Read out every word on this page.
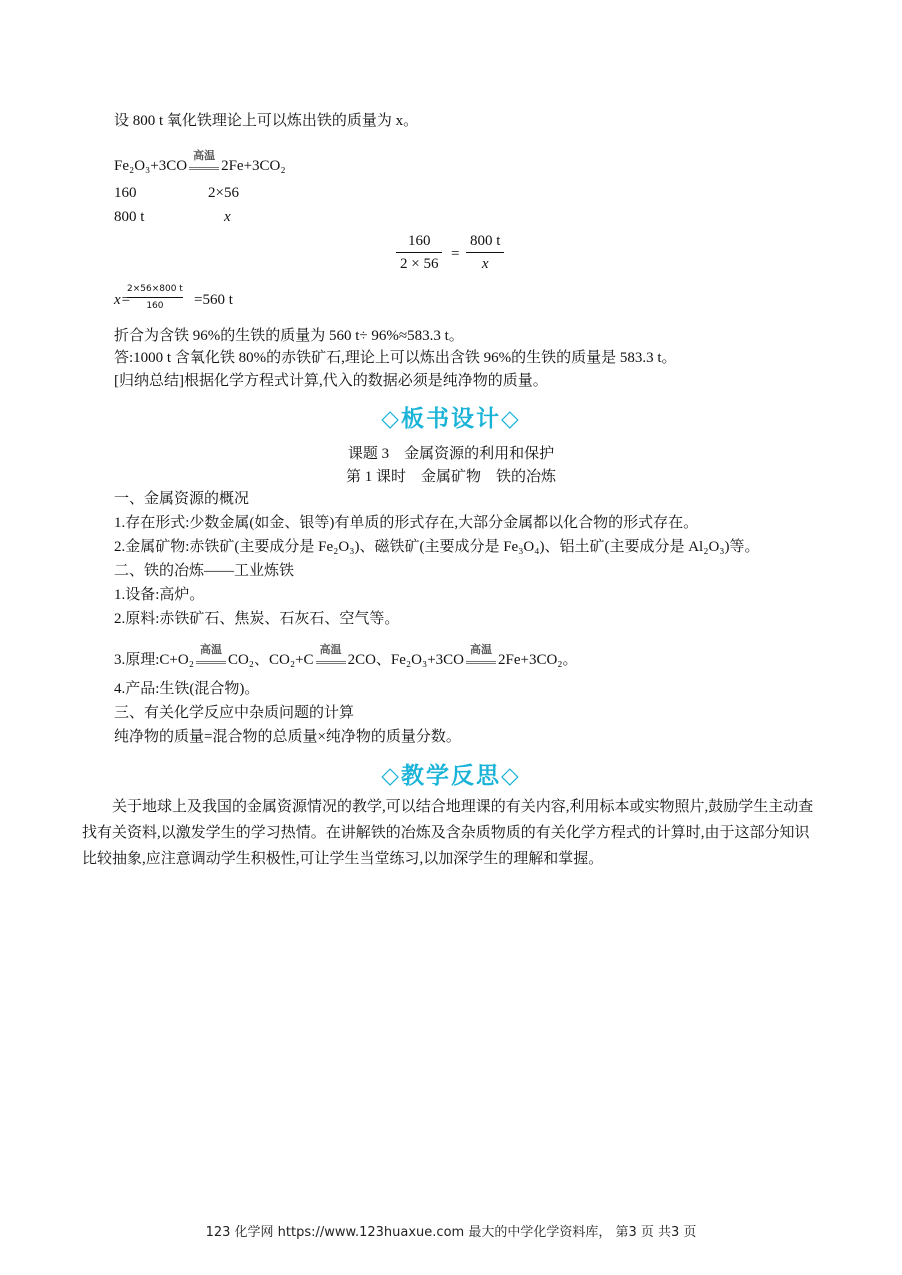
设 800 t 氧化铁理论上可以炼出铁的质量为 x。
Fe₂O₃+3CO
高温
2Fe+3CO₂
160	2×56
800 t	x
160
2 × 56
=
800 t
x
x=
2×56×800 t
160 =560 t
折合为含铁 96%的生铁的质量为 560 t÷ 96%≈583.3 t。
答:1000 t 含氧化铁 80%的赤铁矿石,理论上可以炼出含铁 96%的生铁的质量是 583.3 t。
[归纳总结]根据化学方程式计算,代入的数据必须是纯净物的质量。
◇板书设计◇
课题 3　金属资源的利用和保护
第 1 课时　金属矿物　铁的冶炼
一、金属资源的概况
1.存在形式:少数金属(如金、银等)有单质的形式存在,大部分金属都以化合物的形式存在。
2.金属矿物:赤铁矿(主要成分是 Fe₂O₃)、磁铁矿(主要成分是 Fe₃O₄)、铝土矿(主要成分是 Al₂O₃)等。
二、铁的冶炼——工业炼铁
1.设备:高炉。
2.原料:赤铁矿石、焦炭、石灰石、空气等。
3.原理:C+O₂
高温
CO₂、CO₂+C
高温
2CO、Fe₂O₃+3CO
高温
2Fe+3CO₂。
4.产品:生铁(混合物)。
三、有关化学反应中杂质问题的计算
纯净物的质量=混合物的总质量×纯净物的质量分数。
◇教学反思◇
关于地球上及我国的金属资源情况的教学,可以结合地理课的有关内容,利用标本或实物照片,鼓励学生主动查找有关资料,以激发学生的学习热情。在讲解铁的冶炼及含杂质物质的有关化学方程式的计算时,由于这部分知识比较抽象,应注意调动学生积极性,可让学生当堂练习,以加深学生的理解和掌握。
123 化学网 https://www.123huaxue.com 最大的中学化学资料库， 第3 页 共3 页
